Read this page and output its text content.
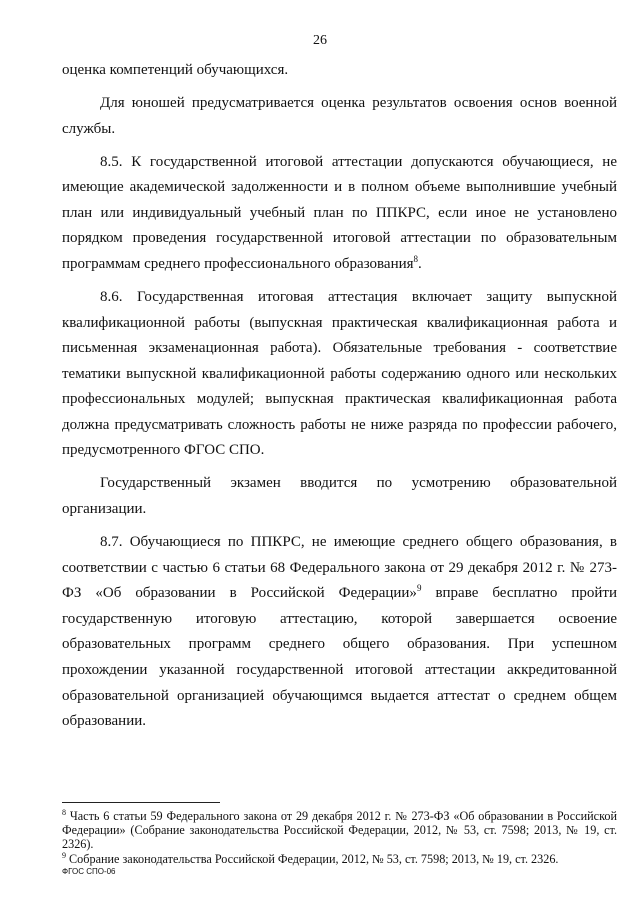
26

оценка компетенций обучающихся.

Для юношей предусматривается оценка результатов освоения основ военной службы.

8.5. К государственной итоговой аттестации допускаются обучающиеся, не имеющие академической задолженности и в полном объеме выполнившие учебный план или индивидуальный учебный план по ППКРС, если иное не установлено порядком проведения государственной итоговой аттестации по образовательным программам среднего профессионального образования$^8$.

8.6. Государственная итоговая аттестация включает защиту выпускной квалификационной работы (выпускная практическая квалификационная работа и письменная экзаменационная работа). Обязательные требования - соответствие тематики выпускной квалификационной работы содержанию одного или нескольких профессиональных модулей; выпускная практическая квалификационная работа должна предусматривать сложность работы не ниже разряда по профессии рабочего, предусмотренного ФГОС СПО.

Государственный экзамен вводится по усмотрению образовательной организации.

8.7. Обучающиеся по ППКРС, не имеющие среднего общего образования, в соответствии с частью 6 статьи 68 Федерального закона от 29 декабря 2012 г. № 273-ФЗ «Об образовании в Российской Федерации»$^9$ вправе бесплатно пройти государственную итоговую аттестацию, которой завершается освоение образовательных программ среднего общего образования. При успешном прохождении указанной государственной итоговой аттестации аккредитованной образовательной организацией обучающимся выдается аттестат о среднем общем образовании.

$^8$ Часть 6 статьи 59 Федерального закона от 29 декабря 2012 г. № 273-ФЗ «Об образовании в Российской Федерации» (Собрание законодательства Российской Федерации, 2012, № 53, ст. 7598; 2013, № 19, ст. 2326).

$^9$ Собрание законодательства Российской Федерации, 2012, № 53, ст. 7598; 2013, № 19, ст. 2326.

ФГОС СПО-06
